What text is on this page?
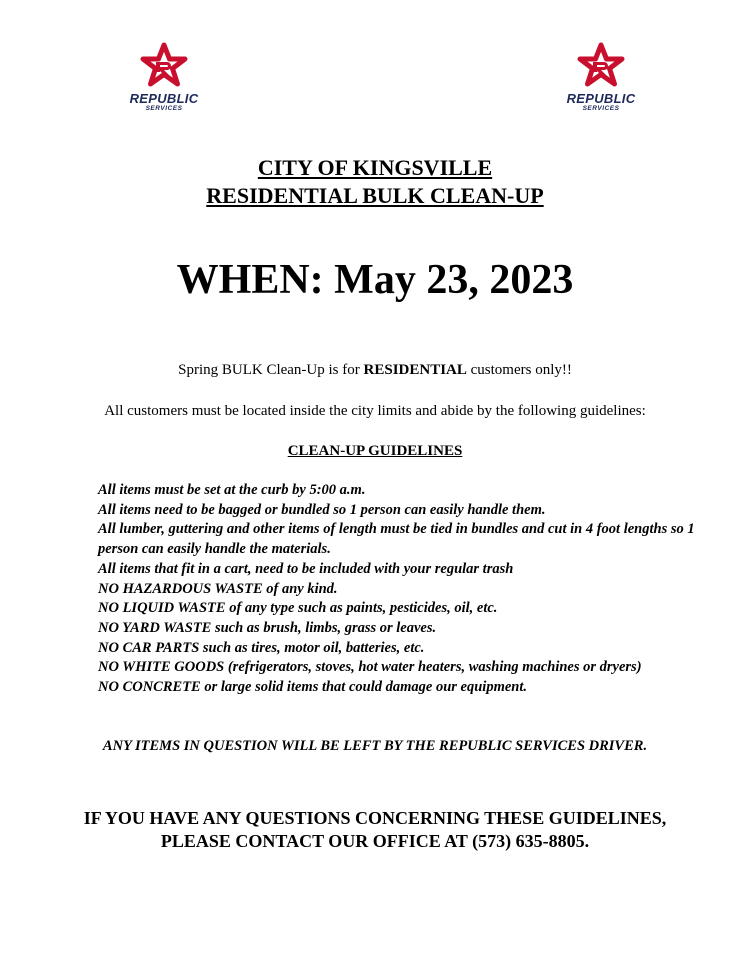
REPUBLIC
SERVICES
REPUBLIC
SERVICES
CITY OF KINGSVILLE
RESIDENTIAL BULK CLEAN-UP
WHEN: May 23, 2023
Spring BULK Clean-Up is for RESIDENTIAL customers only!!
All customers must be located inside the city limits and abide by the following guidelines:
CLEAN-UP GUIDELINES
All items must be set at the curb by 5:00 a.m.
All items need to be bagged or bundled so 1 person can easily handle them.
All lumber, guttering and other items of length must be tied in bundles and cut in 4 foot lengths so 1 person can easily handle the materials.
All items that fit in a cart, need to be included with your regular trash
NO HAZARDOUS WASTE of any kind.
NO LIQUID WASTE of any type such as paints, pesticides, oil, etc.
NO YARD WASTE such as brush, limbs, grass or leaves.
NO CAR PARTS such as tires, motor oil, batteries, etc.
NO WHITE GOODS (refrigerators, stoves, hot water heaters, washing machines or dryers)
NO CONCRETE or large solid items that could damage our equipment.
ANY ITEMS IN QUESTION WILL BE LEFT BY THE REPUBLIC SERVICES DRIVER.
IF YOU HAVE ANY QUESTIONS CONCERNING THESE GUIDELINES,
PLEASE CONTACT OUR OFFICE AT (573) 635-8805.
